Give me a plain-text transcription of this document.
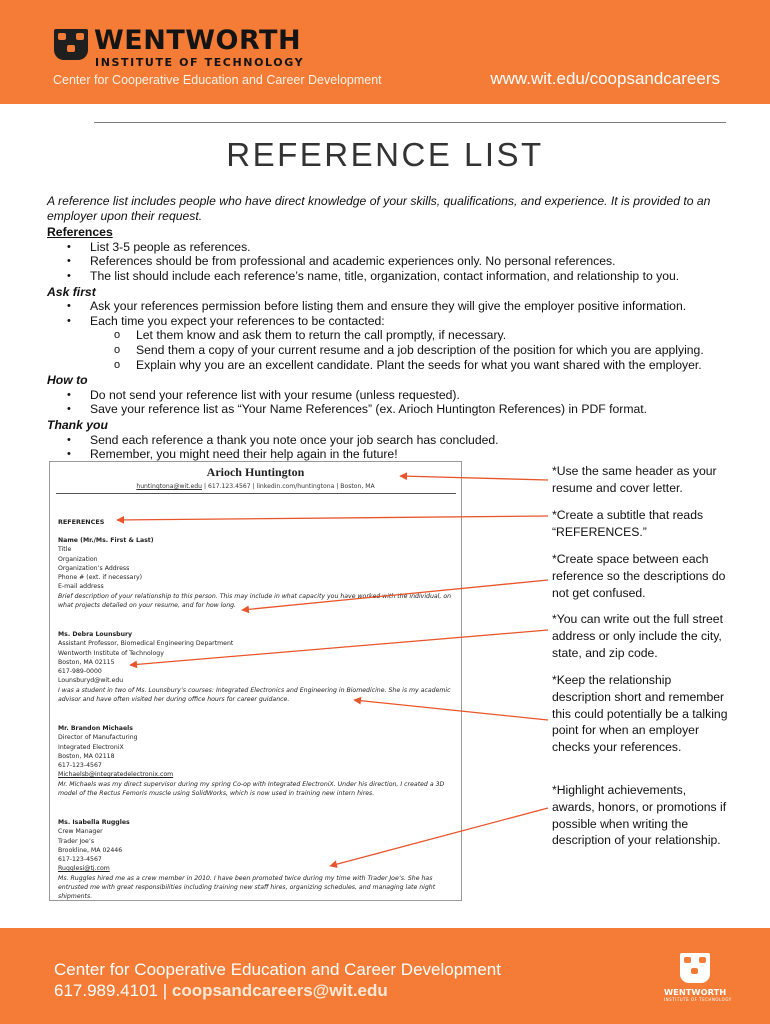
WENTWORTH
INSTITUTE OF TECHNOLOGY
Center for Cooperative Education and Career Development	www.wit.edu/coopsandcareers
REFERENCE LIST
A reference list includes people who have direct knowledge of your skills, qualifications, and experience. It is provided to an employer upon their request.
References
• List 3-5 people as references.
• References should be from professional and academic experiences only. No personal references.
• The list should include each reference’s name, title, organization, contact information, and relationship to you.
Ask first
• Ask your references permission before listing them and ensure they will give the employer positive information.
• Each time you expect your references to be contacted:
o Let them know and ask them to return the call promptly, if necessary.
o Send them a copy of your current resume and a job description of the position for which you are applying.
o Explain why you are an excellent candidate. Plant the seeds for what you want shared with the employer.
How to
• Do not send your reference list with your resume (unless requested).
• Save your reference list as “Your Name References” (ex. Arioch Huntington References) in PDF format.
Thank you
• Send each reference a thank you note once your job search has concluded.
• Remember, you might need their help again in the future!
Arioch Huntington
huntingtona@wit.edu | 617.123.4567 | linkedin.com/huntingtona | Boston, MA
REFERENCES
Name (Mr./Ms. First & Last)
Title
Organization
Organization’s Address
Phone # (ext. if necessary)
E-mail address
Brief description of your relationship to this person. This may include in what capacity you have worked with the individual, on what projects detailed on your resume, and for how long.
Ms. Debra Lounsbury
Assistant Professor, Biomedical Engineering Department
Wentworth Institute of Technology
Boston, MA 02115
617-989-0000
Lounsburyd@wit.edu
I was a student in two of Ms. Lounsbury’s courses: Integrated Electronics and Engineering in Biomedicine. She is my academic advisor and have often visited her during office hours for career guidance.
Mr. Brandon Michaels
Director of Manufacturing
Integrated ElectroniX
Boston, MA 02118
617-123-4567
Michaelsb@integratedelectronix.com
Mr. Michaels was my direct supervisor during my spring Co-op with Integrated ElectroniX. Under his direction, I created a 3D model of the Rectus Femoris muscle using SolidWorks, which is now used in training new intern hires.
Ms. Isabella Ruggles
Crew Manager
Trader Joe’s
Brookline, MA 02446
617-123-4567
Rugglesi@tj.com
Ms. Ruggles hired me as a crew member in 2010. I have been promoted twice during my time with Trader Joe’s. She has entrusted me with great responsibilities including training new staff hires, organizing schedules, and managing late night shipments.
*Use the same header as your resume and cover letter.
*Create a subtitle that reads “REFERENCES.”
*Create space between each reference so the descriptions do not get confused.
*You can write out the full street address or only include the city, state, and zip code.
*Keep the relationship description short and remember this could potentially be a talking point for when an employer checks your references.
*Highlight achievements, awards, honors, or promotions if possible when writing the description of your relationship.
Center for Cooperative Education and Career Development
617.989.4101 | coopsandcareers@wit.edu	WENTWORTH
INSTITUTE OF TECHNOLOGY
